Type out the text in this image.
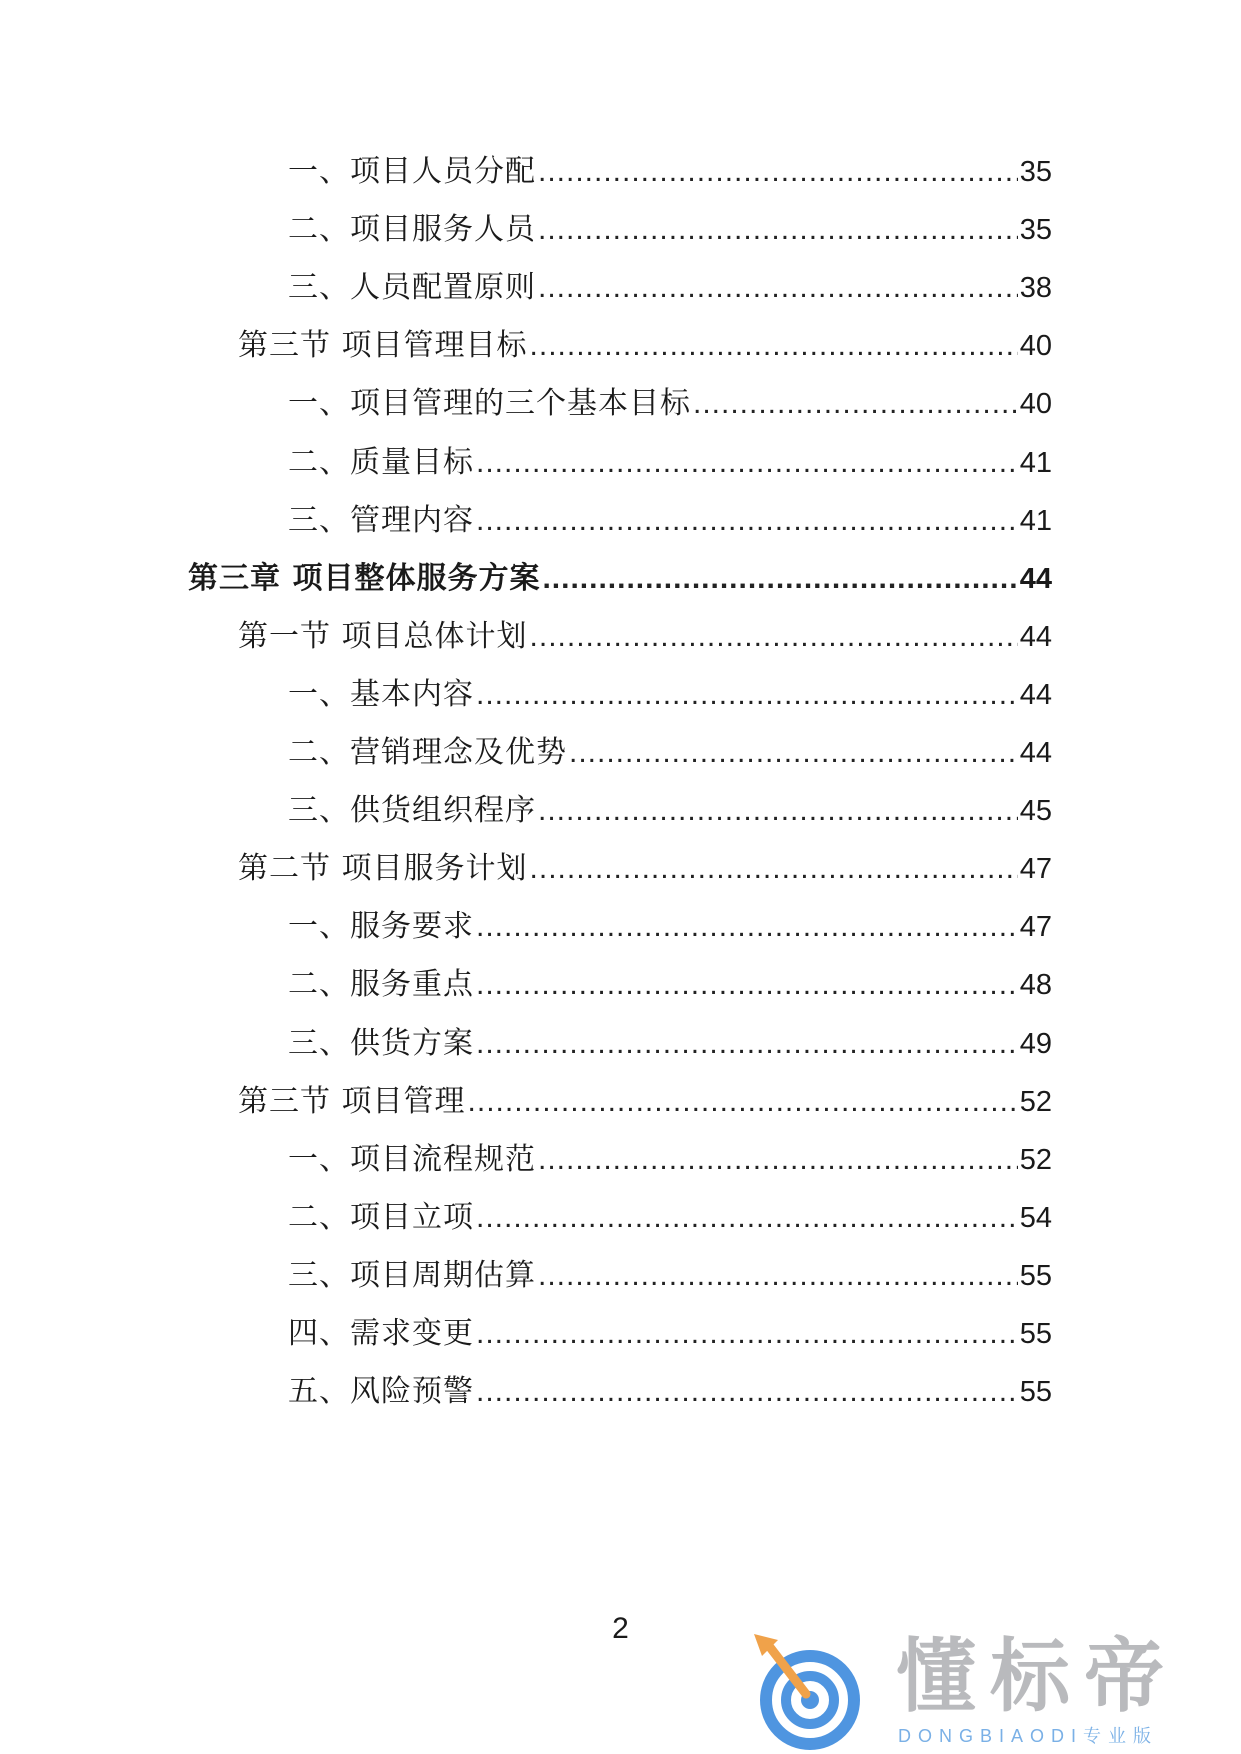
一、项目人员分配 .....	35
二、项目服务人员 .....	35
三、人员配置原则 .....	38
第三节 项目管理目标 .....	40
一、项目管理的三个基本目标 .....	40
二、质量目标 .....	41
三、管理内容 .....	41
第三章 项目整体服务方案 .....	44
第一节 项目总体计划 .....	44
一、基本内容 .....	44
二、营销理念及优势 .....	44
三、供货组织程序 .....	45
第二节 项目服务计划 .....	47
一、服务要求 .....	47
二、服务重点 .....	48
三、供货方案 .....	49
第三节 项目管理 .....	52
一、项目流程规范 .....	52
二、项目立项 .....	54
三、项目周期估算 .....	55
四、需求变更 .....	55
五、风险预警 .....	55
2
懂标帝
DONGBIAODI专业版
